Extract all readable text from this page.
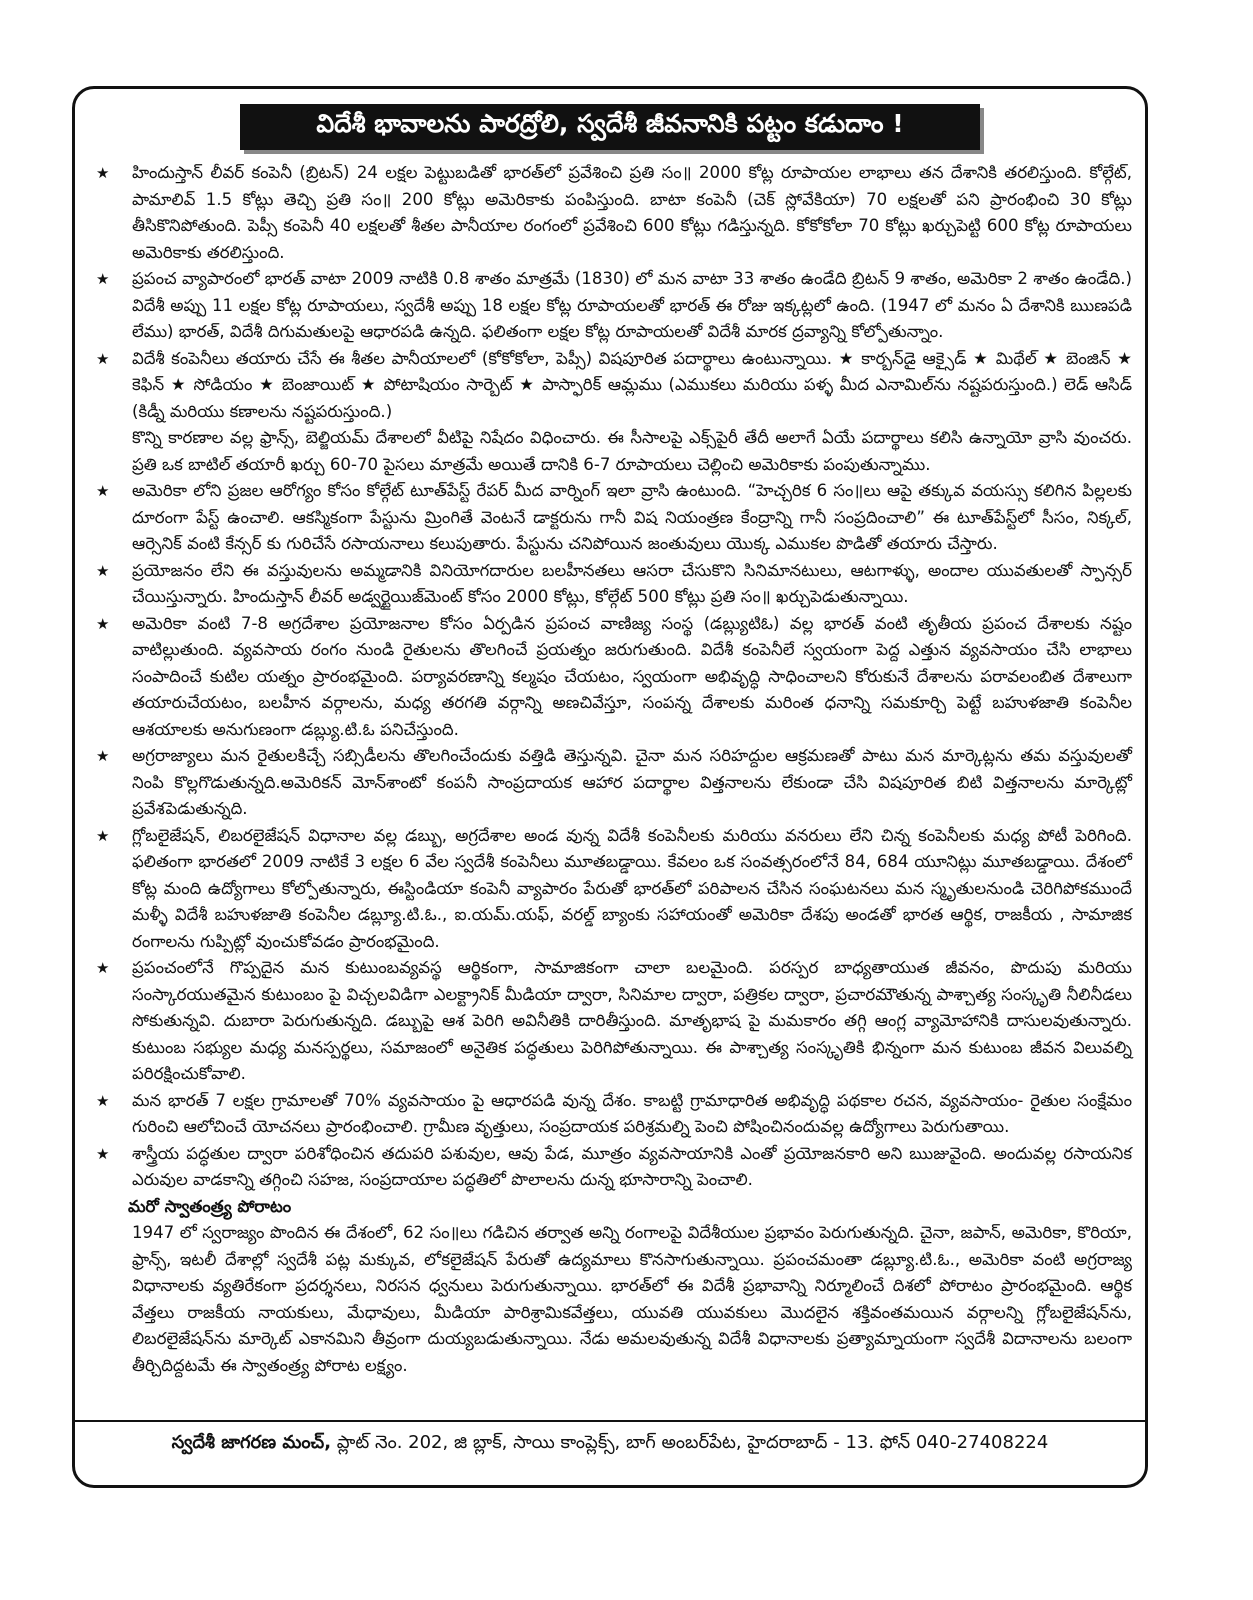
విదేశీ భావాలను పారద్రోలి, స్వదేశీ జీవనానికి పట్టం కడుదాం !
★	హిందుస్తాన్ లీవర్ కంపెనీ (బ్రిటన్) 24 లక్షల పెట్టుబడితో భారత్‌లో ప్రవేశించి ప్రతి సం॥ 2000 కోట్ల రూపాయల లాభాలు తన దేశానికి తరలిస్తుంది. కోల్గేట్, పామాలివ్ 1.5 కోట్లు తెచ్చి ప్రతి సం॥ 200 కోట్లు అమెరికాకు పంపిస్తుంది. బాటా కంపెనీ (చెక్ స్లోవేకియా) 70 లక్షలతో పని ప్రారంభించి 30 కోట్లు తీసికొనిపోతుంది. పెప్సీ కంపెనీ 40 లక్షలతో శీతల పానీయాల రంగంలో ప్రవేశించి 600 కోట్లు గడిస్తున్నది. కోకోకోలా 70 కోట్లు ఖర్చుపెట్టి 600 కోట్ల రూపాయలు అమెరికాకు తరలిస్తుంది.
★	ప్రపంచ వ్యాపారంలో భారత్ వాటా 2009 నాటికి 0.8 శాతం మాత్రమే (1830) లో మన వాటా 33 శాతం ఉండేది బ్రిటన్ 9 శాతం, అమెరికా 2 శాతం ఉండేది.) విదేశీ అప్పు 11 లక్షల కోట్ల రూపాయలు, స్వదేశీ అప్పు 18 లక్షల కోట్ల రూపాయలతో భారత్ ఈ రోజు ఇక్కట్లలో ఉంది. (1947 లో మనం ఏ దేశానికి ఋణపడి లేము) భారత్, విదేశీ దిగుమతులపై ఆధారపడి ఉన్నది. ఫలితంగా లక్షల కోట్ల రూపాయలతో విదేశీ మారక ద్రవ్యాన్ని కోల్పోతున్నాం.
★	విదేశీ కంపెనీలు తయారు చేసే ఈ శీతల పానీయాలలో (కోకోకోలా, పెప్సీ) విషపూరిత పదార్థాలు ఉంటున్నాయి. ★ కార్బన్‌డై ఆక్సైడ్ ★ మిథేల్ ★ బెంజిన్ ★ కెఫిన్ ★ సోడియం ★ బెంజాయిట్ ★ పోటాషియం సార్బెట్ ★ పాస్ఫారిక్ ఆమ్లము (ఎముకలు మరియు పళ్ళ మీద ఎనామిల్‌ను నష్టపరుస్తుంది.) లెడ్ ఆసిడ్ (కిడ్నీ మరియు కణాలను నష్టపరుస్తుంది.)
కొన్ని కారణాల వల్ల ఫ్రాన్స్, బెల్జియమ్ దేశాలలో వీటిపై నిషేదం విధించారు. ఈ సీసాలపై ఎక్స్‌పైరీ తేదీ అలాగే ఏయే పదార్థాలు కలిసి ఉన్నాయో వ్రాసి వుంచరు. ప్రతి ఒక బాటిల్ తయారీ ఖర్చు 60-70 పైసలు మాత్రమే అయితే దానికి 6-7 రూపాయలు చెల్లించి అమెరికాకు పంపుతున్నాము.
★	అమెరికా లోని ప్రజల ఆరోగ్యం కోసం కోల్గేట్ టూత్‌పేస్ట్ రేపర్ మీద వార్నింగ్ ఇలా వ్రాసి ఉంటుంది. “హెచ్చరిక 6 సం॥లు ఆపై తక్కువ వయస్సు కలిగిన పిల్లలకు దూరంగా పేస్ట్ ఉంచాలి. ఆకస్మికంగా పేస్టును మ్రింగితే వెంటనే డాక్టరును గానీ విష నియంత్రణ కేంద్రాన్ని గానీ సంప్రదించాలి” ఈ టూత్‌పేస్ట్‌లో సీసం, నిక్కల్, ఆర్సెనిక్ వంటి కేన్సర్ కు గురిచేసే రసాయనాలు కలుపుతారు. పేస్టును చనిపోయిన జంతువులు యొక్క ఎముకల పొడితో తయారు చేస్తారు.
★	ప్రయోజనం లేని ఈ వస్తువులను అమ్మడానికి వినియోగదారుల బలహీనతలు ఆసరా చేసుకొని సినిమానటులు, ఆటగాళ్ళు, అందాల యువతులతో స్పాన్సర్ చేయిస్తున్నారు. హిందుస్తాన్ లీవర్ అడ్వర్టైయిజ్‌మెంట్ కోసం 2000 కోట్లు, కోల్గేట్ 500 కోట్లు ప్రతి సం॥ ఖర్చుపెడుతున్నాయి.
★	అమెరికా వంటి 7-8 అగ్రదేశాల ప్రయోజనాల కోసం ఏర్పడిన ప్రపంచ వాణిజ్య సంస్థ (డబ్ల్యుటిఓ) వల్ల భారత్ వంటి తృతీయ ప్రపంచ దేశాలకు నష్టం వాటిల్లుతుంది. వ్యవసాయ రంగం నుండి రైతులను తొలగించే ప్రయత్నం జరుగుతుంది. విదేశీ కంపెనీలే స్వయంగా పెద్ద ఎత్తున వ్యవసాయం చేసి లాభాలు సంపాదించే కుటిల యత్నం ప్రారంభమైంది. పర్యావరణాన్ని కల్మషం చేయటం, స్వయంగా అభివృద్ధి సాధించాలని కోరుకునే దేశాలను పరావలంబిత దేశాలుగా తయారుచేయటం, బలహీన వర్గాలను, మధ్య తరగతి వర్గాన్ని అణచివేస్తూ, సంపన్న దేశాలకు మరింత ధనాన్ని సమకూర్చి పెట్టే బహుళజాతి కంపెనీల ఆశయాలకు అనుగుణంగా డబ్ల్యు.టి.ఓ పనిచేస్తుంది.
★	అగ్రరాజ్యాలు మన రైతులకిచ్చే సబ్సిడీలను తొలగించేందుకు వత్తిడి తెస్తున్నవి. చైనా మన సరిహద్దుల ఆక్రమణతో పాటు మన మార్కెట్లను తమ వస్తువులతో నింపి కొల్లగొడుతున్నది.అమెరికన్ మోన్‌శాంటో కంపనీ సాంప్రదాయక ఆహార పదార్థాల విత్తనాలను లేకుండా చేసి విషపూరిత బిటి విత్తనాలను మార్కెట్లో ప్రవేశపెడుతున్నది.
★	గ్లోబలైజేషన్, లిబరలైజేషన్ విధానాల వల్ల డబ్బు, అగ్రదేశాల అండ వున్న విదేశీ కంపెనీలకు మరియు వనరులు లేని చిన్న కంపెనీలకు మధ్య పోటీ పెరిగింది. ఫలితంగా భారతలో 2009 నాటికే 3 లక్షల 6 వేల స్వదేశీ కంపెనీలు మూతబడ్డాయి. కేవలం ఒక సంవత్సరంలోనే 84, 684 యూనిట్లు మూతబడ్డాయి. దేశంలో కోట్ల మంది ఉద్యోగాలు కోల్పోతున్నారు, ఈస్టిండియా కంపెనీ వ్యాపారం పేరుతో భారత్‌లో పరిపాలన చేసిన సంఘటనలు మన స్మృతులనుండి చెరిగిపోకముందే మళ్ళీ విదేశీ బహుళజాతి కంపెనీల డబ్ల్యూ.టి.ఓ., ఐ.యమ్.యఫ్, వరల్డ్ బ్యాంకు సహాయంతో అమెరికా దేశపు అండతో భారత ఆర్థిక, రాజకీయ , సామాజిక రంగాలను గుప్పిట్లో వుంచుకోవడం ప్రారంభమైంది.
★	ప్రపంచంలోనే గొప్పదైన మన కుటుంబవ్యవస్థ ఆర్థికంగా, సామాజికంగా చాలా బలమైంది. పరస్పర బాధ్యతాయుత జీవనం, పొదుపు మరియు సంస్కారయుతమైన కుటుంబం పై విచ్చలవిడిగా ఎలక్ట్రానిక్ మీడియా ద్వారా, సినిమాల ద్వారా, పత్రికల ద్వారా, ప్రచారమౌతున్న పాశ్చాత్య సంస్కృతి నీలినీడలు సోకుతున్నవి. దుబారా పెరుగుతున్నది. డబ్బుపై ఆశ పెరిగి అవినీతికి దారితీస్తుంది. మాతృభాష పై మమకారం తగ్గి ఆంగ్ల వ్యామోహానికి దాసులవుతున్నారు. కుటుంబ సభ్యుల మధ్య మనస్పర్థలు, సమాజంలో అనైతిక పద్ధతులు పెరిగిపోతున్నాయి. ఈ పాశ్చాత్య సంస్కృతికి భిన్నంగా మన కుటుంబ జీవన విలువల్ని పరిరక్షించుకోవాలి.
★	మన భారత్ 7 లక్షల గ్రామాలతో 70% వ్యవసాయం పై ఆధారపడి వున్న దేశం. కాబట్టి గ్రామాధారిత అభివృద్ధి పథకాల రచన, వ్యవసాయం- రైతుల సంక్షేమం గురించి ఆలోచించే యోచనలు ప్రారంభించాలి. గ్రామీణ వృత్తులు, సంప్రదాయక పరిశ్రమల్ని పెంచి పోషించినందువల్ల ఉద్యోగాలు పెరుగుతాయి.
★	శాస్త్రీయ పద్ధతుల ద్వారా పరిశోధించిన తదుపరి పశువుల, ఆవు పేడ, మూత్రం వ్యవసాయానికి ఎంతో ప్రయోజనకారి అని ఋజువైంది. అందువల్ల రసాయనిక ఎరువుల వాడకాన్ని తగ్గించి సహజ, సంప్రదాయాల పద్ధతిలో పొలాలను దున్న భూసారాన్ని పెంచాలి.
మరో స్వాతంత్ర్య పోరాటం
1947 లో స్వరాజ్యం పొందిన ఈ దేశంలో, 62 సం॥లు గడిచిన తర్వాత అన్ని రంగాలపై విదేశీయుల ప్రభావం పెరుగుతున్నది. చైనా, జపాన్, అమెరికా, కొరియా, ఫ్రాన్స్, ఇటలీ దేశాల్లో స్వదేశీ పట్ల మక్కువ, లోకలైజేషన్ పేరుతో ఉద్యమాలు కొనసాగుతున్నాయి. ప్రపంచమంతా డబ్ల్యూ.టి.ఓ., అమెరికా వంటి అగ్రరాజ్య విధానాలకు వ్యతిరేకంగా ప్రదర్శనలు, నిరసన ధ్వనులు పెరుగుతున్నాయి. భారత్‌లో ఈ విదేశీ ప్రభావాన్ని నిర్మూలించే దిశలో పోరాటం ప్రారంభమైంది. ఆర్థిక వేత్తలు రాజకీయ నాయకులు, మేధావులు, మీడియా పారిశ్రామికవేత్తలు, యువతి యువకులు మొదలైన శక్తివంతమయిన వర్గాలన్ని గ్లోబలైజేషన్‌ను, లిబరలైజేషన్‌ను మార్కెట్ ఎకానమిని తీవ్రంగా దుయ్యబడుతున్నాయి. నేడు అమలవుతున్న విదేశీ విధానాలకు ప్రత్యామ్నాయంగా స్వదేశీ విదానాలను బలంగా తీర్చిదిద్దటమే ఈ స్వాతంత్ర్య పోరాట లక్ష్యం.
స్వదేశీ జాగరణ మంచ్, ప్లాట్ నెం. 202, జి బ్లాక్, సాయి కాంప్లెక్స్, బాగ్ అంబర్‌పేట, హైదరాబాద్ - 13. ఫోన్ 040-27408224
